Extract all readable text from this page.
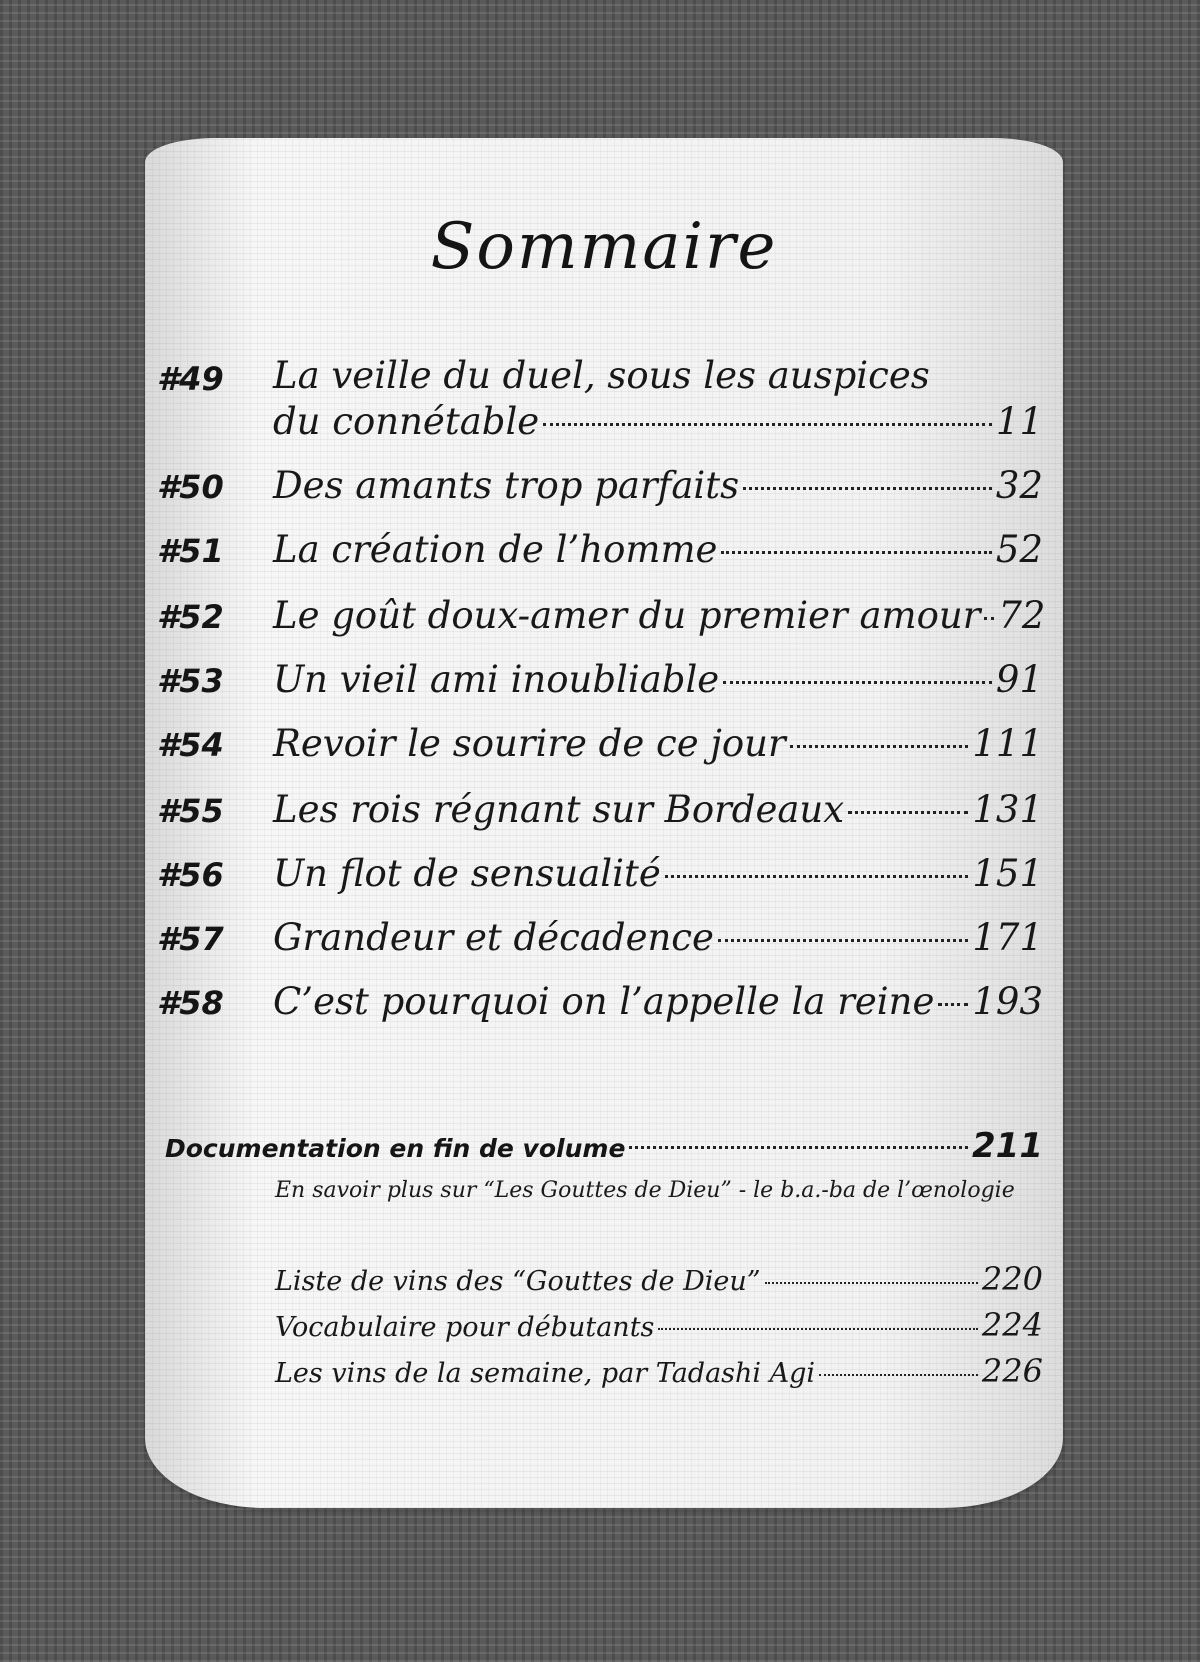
Sommaire
#49 La veille du duel, sous les auspices
du connétable	11
#50 Des amants trop parfaits	32
#51 La création de l’homme	52
#52 Le goût doux-amer du premier amour 72
#53 Un vieil ami inoubliable	91
#54 Revoir le sourire de ce jour	111
#55 Les rois régnant sur Bordeaux	131
#56 Un flot de sensualité	151
#57 Grandeur et décadence	171
#58 C’est pourquoi on l’appelle la reine 193
Documentation en fin de volume	211
En savoir plus sur “Les Gouttes de Dieu” - le b.a.-ba de l’œnologie
Liste de vins des “Gouttes de Dieu”	220
Vocabulaire pour débutants	224
Les vins de la semaine, par Tadashi Agi	226
